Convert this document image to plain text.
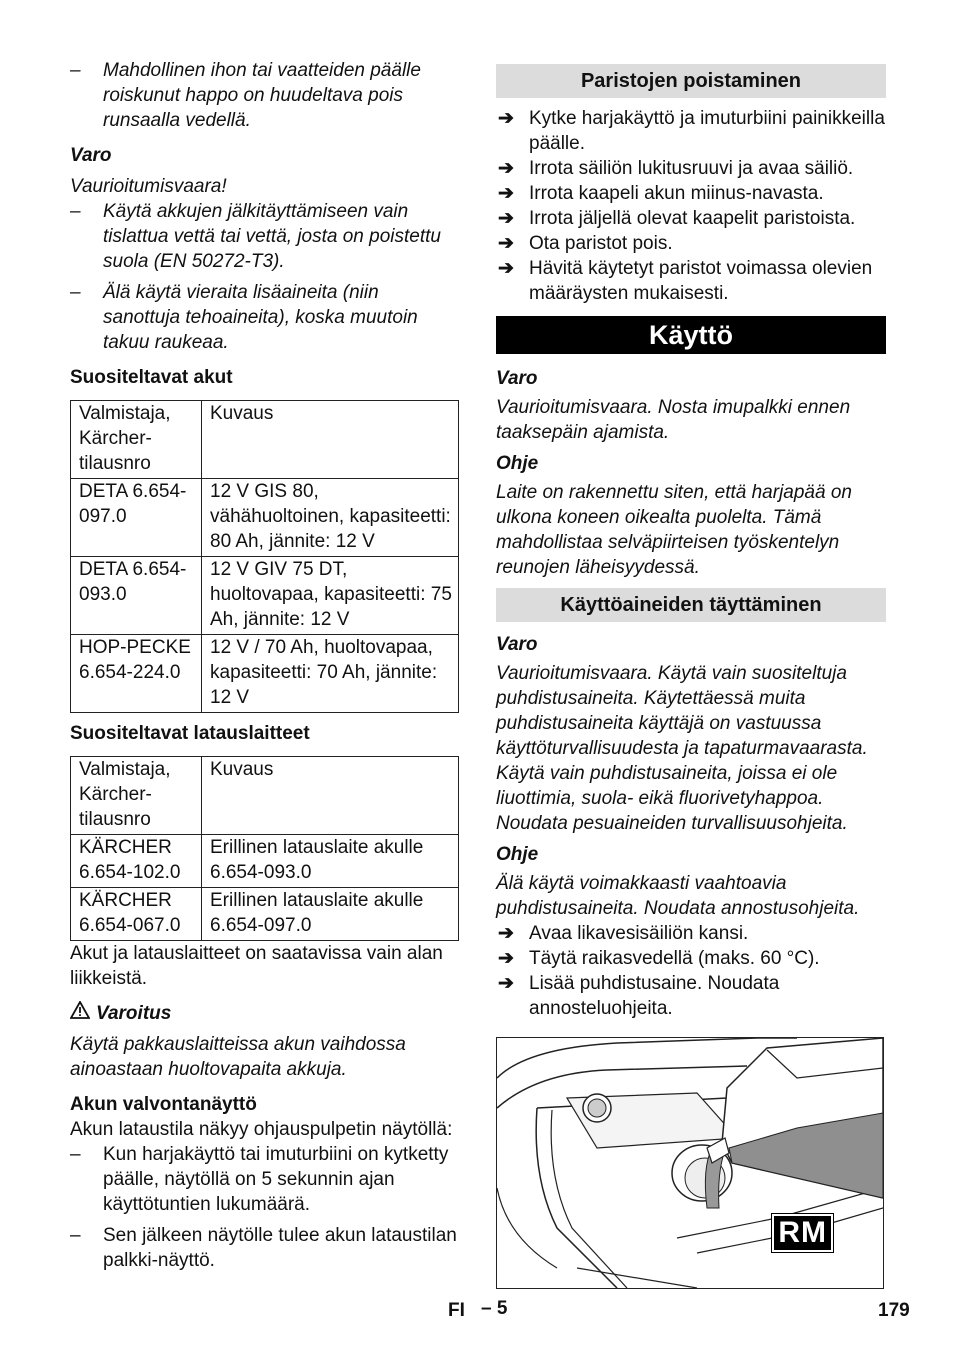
– Mahdollinen ihon tai vaatteiden päälle roiskunut happo on huudeltava pois runsaalla vedellä.

Varo

Vaurioitumisvaara!

– Käytä akkujen jälkitäyttämiseen vain tislattua vettä tai vettä, josta on poistettu suola (EN 50272-T3).

– Älä käytä vieraita lisäaineita (niin sanottuja tehoaineita), koska muutoin takuu raukeaa.

Suositeltavat akut

Valmistaja, Kärcher-tilausnro	Kuvaus
DETA 6.654-097.0	12 V GIS 80, vähähuoltoinen, kapasiteetti: 80 Ah, jännite: 12 V
DETA 6.654-093.0	12 V GIV 75 DT, huoltovapaa, kapasiteetti: 75 Ah, jännite: 12 V
HOP-PECKE 6.654-224.0	12 V / 70 Ah, huoltovapaa, kapasiteetti: 70 Ah, jännite: 12 V

Suositeltavat latauslaitteet

Valmistaja, Kärcher-tilausnro	Kuvaus
KÄRCHER 6.654-102.0	Erillinen latauslaite akulle 6.654-093.0
KÄRCHER 6.654-067.0	Erillinen latauslaite akulle 6.654-097.0

Akut ja latauslaitteet on saatavissa vain alan liikkeistä.

Varoitus

Käytä pakkauslaitteissa akun vaihdossa ainoastaan huoltovapaita akkuja.

Akun valvontanäyttö

Akun lataustila näkyy ohjauspulpetin näytöllä:

– Kun harjakäyttö tai imuturbiini on kytketty päälle, näytöllä on 5 sekunnin ajan käyttötuntien lukumäärä.

– Sen jälkeen näytölle tulee akun lataustilan palkki-näyttö.

Paristojen poistaminen

➔ Kytke harjakäyttö ja imuturbiini painikkeilla päälle.

➔ Irrota säiliön lukitusruuvi ja avaa säiliö.

➔ Irrota kaapeli akun miinus-navasta.

➔ Irrota jäljellä olevat kaapelit paristoista.

➔ Ota paristot pois.

➔ Hävitä käytetyt paristot voimassa olevien määräysten mukaisesti.

Käyttö

Varo

Vaurioitumisvaara. Nosta imupalkki ennen taaksepäin ajamista.

Ohje

Laite on rakennettu siten, että harjapää on ulkona koneen oikealta puolelta. Tämä mahdollistaa selväpiirteisen työskentelyn reunojen läheisyydessä.

Käyttöaineiden täyttäminen

Varo

Vaurioitumisvaara. Käytä vain suositeltuja puhdistusaineita. Käytettäessä muita puhdistusaineita käyttäjä on vastuussa käyttöturvallisuudesta ja tapaturmavaarasta. Käytä vain puhdistusaineita, joissa ei ole liuottimia, suola- eikä fluorivetyhappoa. Noudata pesuaineiden turvallisuusohjeita.

Ohje

Älä käytä voimakkaasti vaahtoavia puhdistusaineita. Noudata annostusohjeita.

➔ Avaa likavesisäiliön kansi.

➔ Täytä raikasvedellä (maks. 60 °C).

➔ Lisää puhdistusaine. Noudata annosteluohjeita.

RM
FI – 5	179
